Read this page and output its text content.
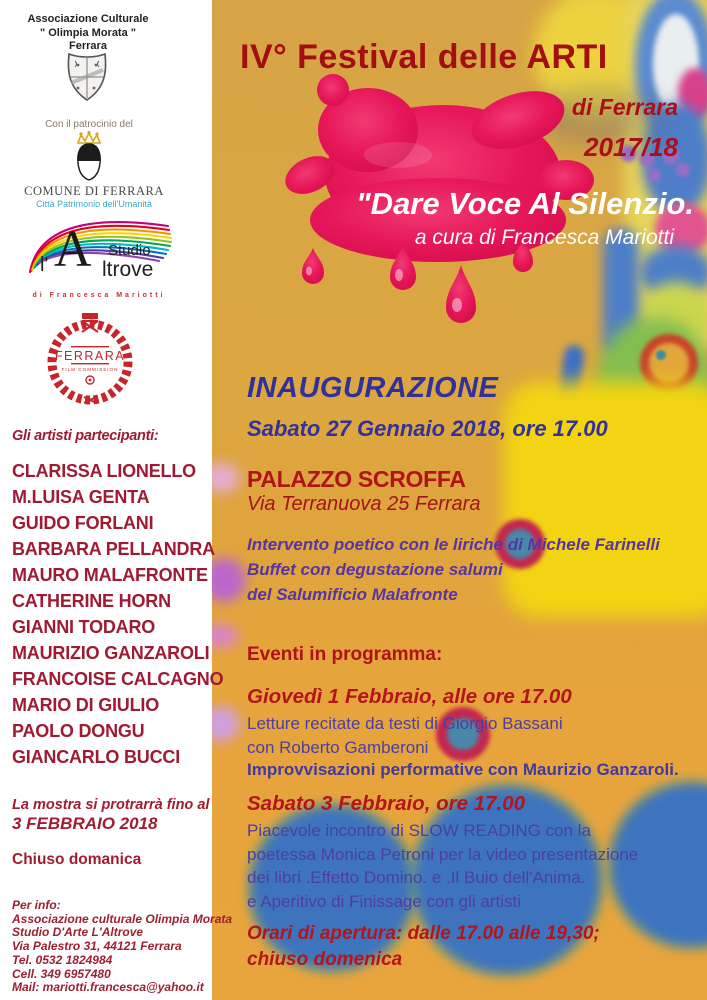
Associazione Culturale
" Olimpia Morata "
Ferrara
Con il patrocinio del
COMUNE DI FERRARA
Città Patrimonio dell'Umanità
l' A Studio
ltrove
di Francesca Mariotti
FERRARA
FILM COMMISSION
Gli artisti partecipanti:
CLARISSA LIONELLO
M.LUISA GENTA
GUIDO FORLANI
BARBARA PELLANDRA
MAURO MALAFRONTE
CATHERINE HORN
GIANNI TODARO
MAURIZIO GANZAROLI
FRANCOISE CALCAGNO
MARIO DI GIULIO
PAOLO DONGU
GIANCARLO BUCCI
La mostra si protrarrà fino al
3 FEBBRAIO 2018
Chiuso domanica
Per info:
Associazione culturale Olimpia Morata
Studio D'Arte L'Altrove
Via Palestro 31, 44121 Ferrara
Tel. 0532 1824984
Cell. 349 6957480
Mail: mariotti.francesca@yahoo.it
IV° Festival delle ARTI
di Ferrara
2017/18
"Dare Voce Al Silenzio.
a cura di Francesca Mariotti
INAUGURAZIONE
Sabato 27 Gennaio 2018, ore 17.00
PALAZZO SCROFFA
Via Terranuova 25 Ferrara
Intervento poetico con le liriche di Michele Farinelli
Buffet con degustazione salumi
del Salumificio Malafronte
Eventi in programma:
Giovedì 1 Febbraio, alle ore 17.00
Letture recitate da testi di Giorgio Bassani
con Roberto Gamberoni
Improvvisazioni performative con Maurizio Ganzaroli.
Sabato 3 Febbraio, ore 17.00
Piacevole incontro di SLOW READING con la
poetessa Monica Petroni per la video presentazione
dei libri .Effetto Domino. e .Il Buio dell'Anima.
e Aperitivo di Finissage con gli artisti
Orari di apertura: dalle 17.00 alle 19,30;
chiuso domenica
